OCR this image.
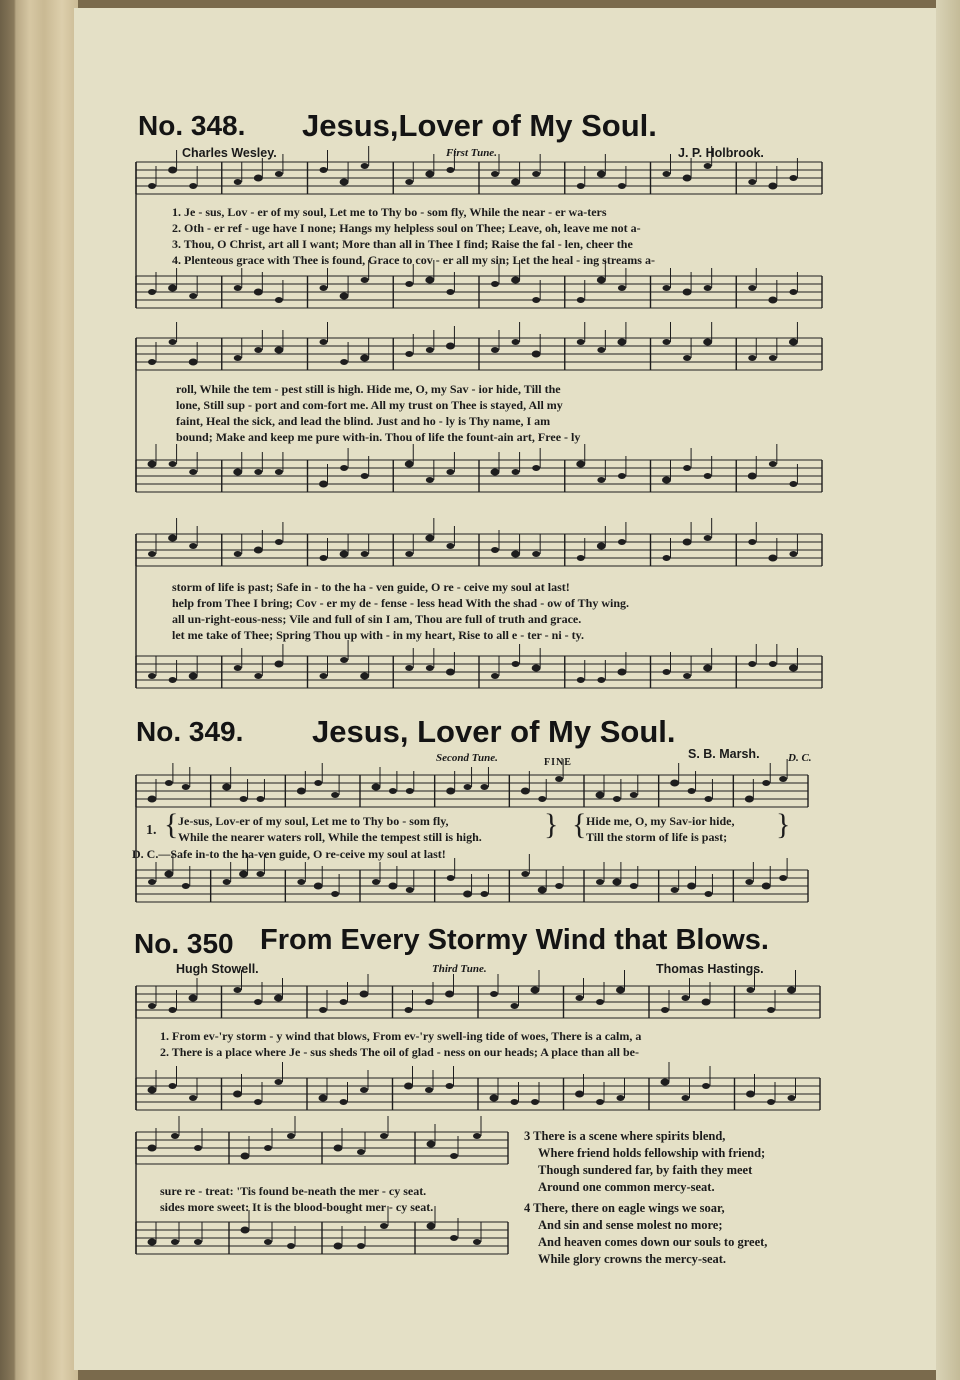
No. 348. Jesus,Lover of My Soul.
Charles Wesley.	First Tune.	J. P. Holbrook.
1. Je - sus, Lov - er of my soul, Let me to Thy bo - som fly, While the near - er wa-ters
2. Oth - er ref - uge have I none; Hangs my helpless soul on Thee; Leave, oh, leave me not a-
3. Thou, O Christ, art all I want; More than all in Thee I find; Raise the fal - len, cheer the
4. Plenteous grace with Thee is found, Grace to cov - er all my sin; Let the heal - ing streams a-
roll, While the tem - pest still is high. Hide me, O, my Sav - ior hide, Till the
lone, Still sup - port and com-fort me. All my trust on Thee is stayed, All my
faint, Heal the sick, and lead the blind. Just and ho - ly is Thy name, I am
bound; Make and keep me pure with-in. Thou of life the fount-ain art, Free - ly
storm of life is past; Safe in - to the ha - ven guide, O re - ceive my soul at last!
help from Thee I bring; Cov - er my de - fense - less head With the shad - ow of Thy wing.
all un-right-eous-ness; Vile and full of sin I am, Thou are full of truth and grace.
let me take of Thee; Spring Thou up with - in my heart, Rise to all e - ter - ni - ty.
No. 349. Jesus, Lover of My Soul.
Second Tune.	FINE
S. B. Marsh.	D. C.
1. { Je-sus, Lov-er of my soul, Let me to Thy bo - som fly,
While the nearer waters roll, While the tempest still is high. } { Hide me, O, my Sav-ior hide,
Till the storm of life is past; }
D. C.—Safe in-to the ha-ven guide, O re-ceive my soul at last!
No. 350 From Every Stormy Wind that Blows.
Hugh Stowell.	Third Tune.	Thomas Hastings.
1. From ev-'ry storm - y wind that blows, From ev-'ry swell-ing tide of woes, There is a calm, a
2. There is a place where Je - sus sheds The oil of glad - ness on our heads; A place than all be-
sure re - treat: 'Tis found be-neath the mer - cy seat.
sides more sweet: It is the blood-bought mer - cy seat.
3 There is a scene where spirits blend,
Where friend holds fellowship with friend;
Though sundered far, by faith they meet
Around one common mercy-seat.
4 There, there on eagle wings we soar,
And sin and sense molest no more;
And heaven comes down our souls to greet,
While glory crowns the mercy-seat.
